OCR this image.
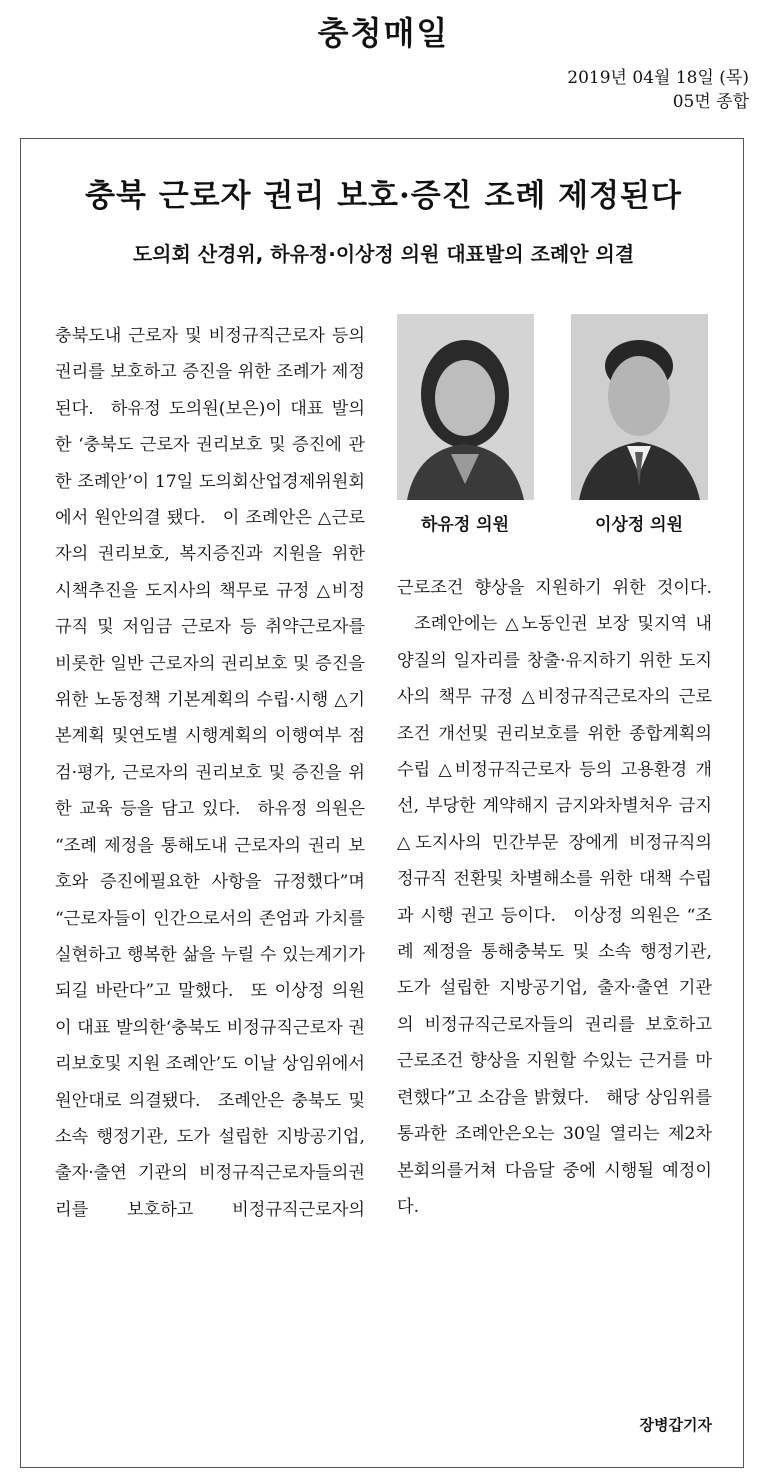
충청매일
2019년 04월 18일 (목)
05면 종합
충북 근로자 권리 보호·증진 조례 제정된다
도의회 산경위, 하유정·이상정 의원 대표발의 조례안 의결
충북도내 근로자 및 비정규직근로자 등의 권리를 보호하고 증진을 위한 조례가 제정된다. 하유정 도의원(보은)이 대표 발의한 ‘충북도 근로자 권리보호 및 증진에 관한 조례안’이 17일 도의회산업경제위원회에서 원안의결 됐다. 이 조례안은 △근로자의 권리보호, 복지증진과 지원을 위한 시책추진을 도지사의 책무로 규정 △비정규직 및 저임금 근로자 등 취약근로자를 비롯한 일반 근로자의 권리보호 및 증진을 위한 노동정책 기본계획의 수립·시행 △기본계획 및연도별 시행계획의 이행여부 점검·평가, 근로자의 권리보호 및 증진을 위한 교육 등을 담고 있다. 하유정 의원은 “조례 제정을 통해도내 근로자의 권리 보호와 증진에필요한 사항을 규정했다”며 “근로자들이 인간으로서의 존엄과 가치를실현하고 행복한 삶을 누릴 수 있는계기가 되길 바란다”고 말했다. 또 이상정 의원이 대표 발의한‘충북도 비정규직근로자 권리보호및 지원 조례안’도 이날 상임위에서원안대로 의결됐다. 조례안은 충북도 및 소속 행정기관, 도가 설립한 지방공기업, 출자·출연 기관의 비정규직근로자들의권리를 보호하고 비정규직근로자의
하유정 의원	이상정 의원
근로조건 향상을 지원하기 위한 것이다.조례안에는 △노동인권 보장 및지역 내 양질의 일자리를 창출·유지하기 위한 도지사의 책무 규정 △비정규직근로자의 근로조건 개선및 권리보호를 위한 종합계획의 수립 △비정규직근로자 등의 고용환경 개선, 부당한 계약해지 금지와차별처우 금지 △도지사의 민간부문 장에게 비정규직의 정규직 전환및 차별해소를 위한 대책 수립과 시행 권고 등이다. 이상정 의원은 “조례 제정을 통해충북도 및 소속 행정기관, 도가 설립한 지방공기업, 출자·출연 기관의 비정규직근로자들의 권리를 보호하고 근로조건 향상을 지원할 수있는 근거를 마련했다”고 소감을 밝혔다. 해당 상임위를 통과한 조례안은오는 30일 열리는 제2차 본회의를거쳐 다음달 중에 시행될 예정이다.
장병갑기자
